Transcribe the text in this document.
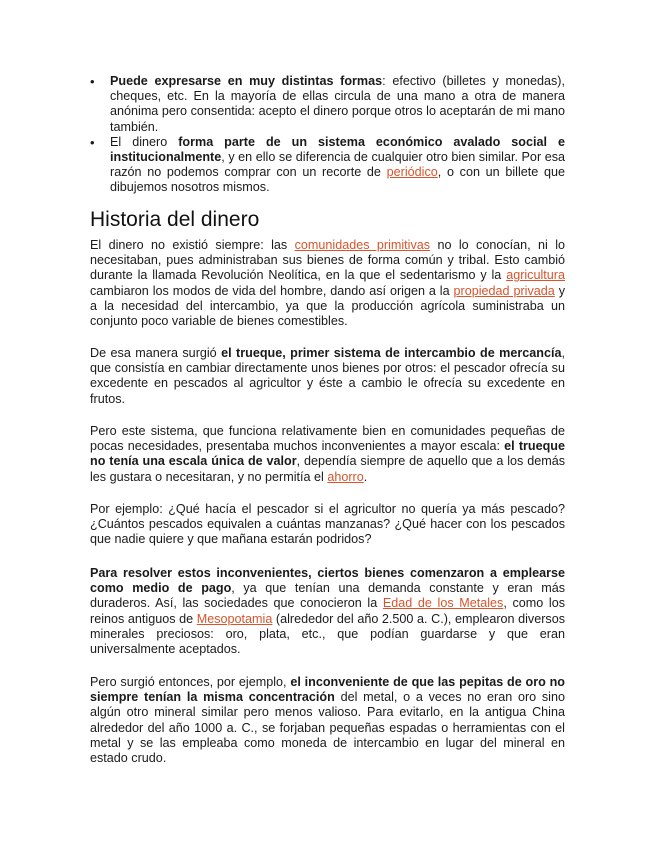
• Puede expresarse en muy distintas formas: efectivo (billetes y monedas), cheques, etc. En la mayoría de ellas circula de una mano a otra de manera anónima pero consentida: acepto el dinero porque otros lo aceptarán de mi mano también.
• El dinero forma parte de un sistema económico avalado social e institucionalmente, y en ello se diferencia de cualquier otro bien similar. Por esa razón no podemos comprar con un recorte de periódico, o con un billete que dibujemos nosotros mismos.
Historia del dinero

El dinero no existió siempre: las comunidades primitivas no lo conocían, ni lo necesitaban, pues administraban sus bienes de forma común y tribal. Esto cambió durante la llamada Revolución Neolítica, en la que el sedentarismo y la agricultura cambiaron los modos de vida del hombre, dando así origen a la propiedad privada y a la necesidad del intercambio, ya que la producción agrícola suministraba un conjunto poco variable de bienes comestibles.

De esa manera surgió el trueque, primer sistema de intercambio de mercancía, que consistía en cambiar directamente unos bienes por otros: el pescador ofrecía su excedente en pescados al agricultor y éste a cambio le ofrecía su excedente en frutos.

Pero este sistema, que funciona relativamente bien en comunidades pequeñas de pocas necesidades, presentaba muchos inconvenientes a mayor escala: el trueque no tenía una escala única de valor, dependía siempre de aquello que a los demás les gustara o necesitaran, y no permitía el ahorro.

Por ejemplo: ¿Qué hacía el pescador si el agricultor no quería ya más pescado? ¿Cuántos pescados equivalen a cuántas manzanas? ¿Qué hacer con los pescados que nadie quiere y que mañana estarán podridos?

Para resolver estos inconvenientes, ciertos bienes comenzaron a emplearse como medio de pago, ya que tenían una demanda constante y eran más duraderos. Así, las sociedades que conocieron la Edad de los Metales, como los reinos antiguos de Mesopotamia (alrededor del año 2.500 a. C.), emplearon diversos minerales preciosos: oro, plata, etc., que podían guardarse y que eran universalmente aceptados.

Pero surgió entonces, por ejemplo, el inconveniente de que las pepitas de oro no siempre tenían la misma concentración del metal, o a veces no eran oro sino algún otro mineral similar pero menos valioso. Para evitarlo, en la antigua China alrededor del año 1000 a. C., se forjaban pequeñas espadas o herramientas con el metal y se las empleaba como moneda de intercambio en lugar del mineral en estado crudo.
